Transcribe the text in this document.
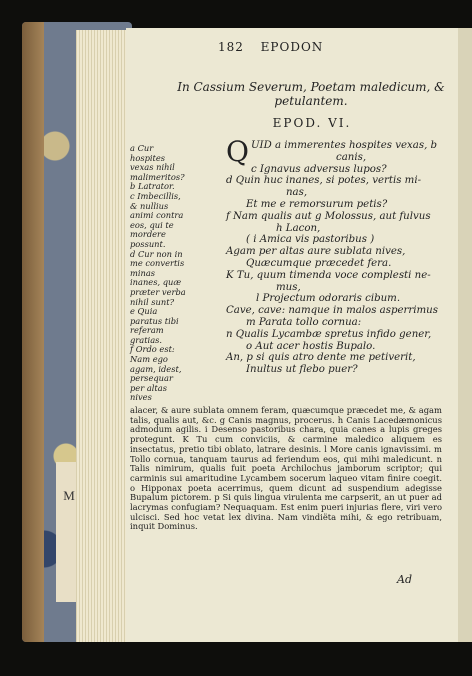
M
182 EPODON
In Cassium Severum, Poetam maledicum, & petulantem.
EPOD. VI.
a Cur hospites vexas nihil malimeritos?
b Latrator.
c Imbecillis, & nullius animi contra eos, qui te mordere possunt.
d Cur non in me convertis minas inanes, quæ præter verba nihil sunt?
e Quia paratus tibi referam gratias.
f Ordo est: Nam ego agam, idest, persequar per altas nives
Q UID a immerentes hospites vexas, b
canis,
c Ignavus adversus lupos?
d Quin huc inanes, si potes, vertis mi-
nas,
Et me e remorsurum petis?
f Nam qualis aut g Molossus, aut fulvus
h Lacon,
( i Amica vis pastoribus )
Agam per altas aure sublata nives,
Quæcumque præcedet fera.
K Tu, quum timenda voce complesti ne-
mus,
l Projectum odoraris cibum.
Cave, cave: namque in malos asperrimus
m Parata tollo cornua:
n Qualis Lycambæ spretus infido gener,
o Aut acer hostis Bupalo.
An, p si quis atro dente me petiverit,
Inultus ut flebo puer?
alacer, & aure sublata omnem feram, quæcumque præcedet me, & agam talis, qualis aut, &c. g Canis magnus, procerus. h Canis Lacedæmonicus admodum agilis. i Desenso pastoribus chara, quia canes a lupis greges protegunt. K Tu cum conviciis, & carmine maledico aliquem es insectatus, pretio tibi oblato, latrare desinis. l More canis ignavissimi. m Tollo cornua, tanquam taurus ad feriendum eos, qui mihi maledicunt. n Talis nimirum, qualis fuit poeta Archilochus jamborum scriptor; qui carminis sui amaritudine Lycambem socerum laqueo vitam finire coegit. o Hipponax poeta acerrimus, quem dicunt ad suspendium adegisse Bupalum pictorem. p Si quis lingua virulenta me carpserit, an ut puer ad lacrymas confugiam? Nequaquam. Est enim pueri injurias flere, viri vero ulcisci. Sed hoc vetat lex divina. Nam vindiëta mihi, & ego retribuam, inquit Dominus.
Ad
